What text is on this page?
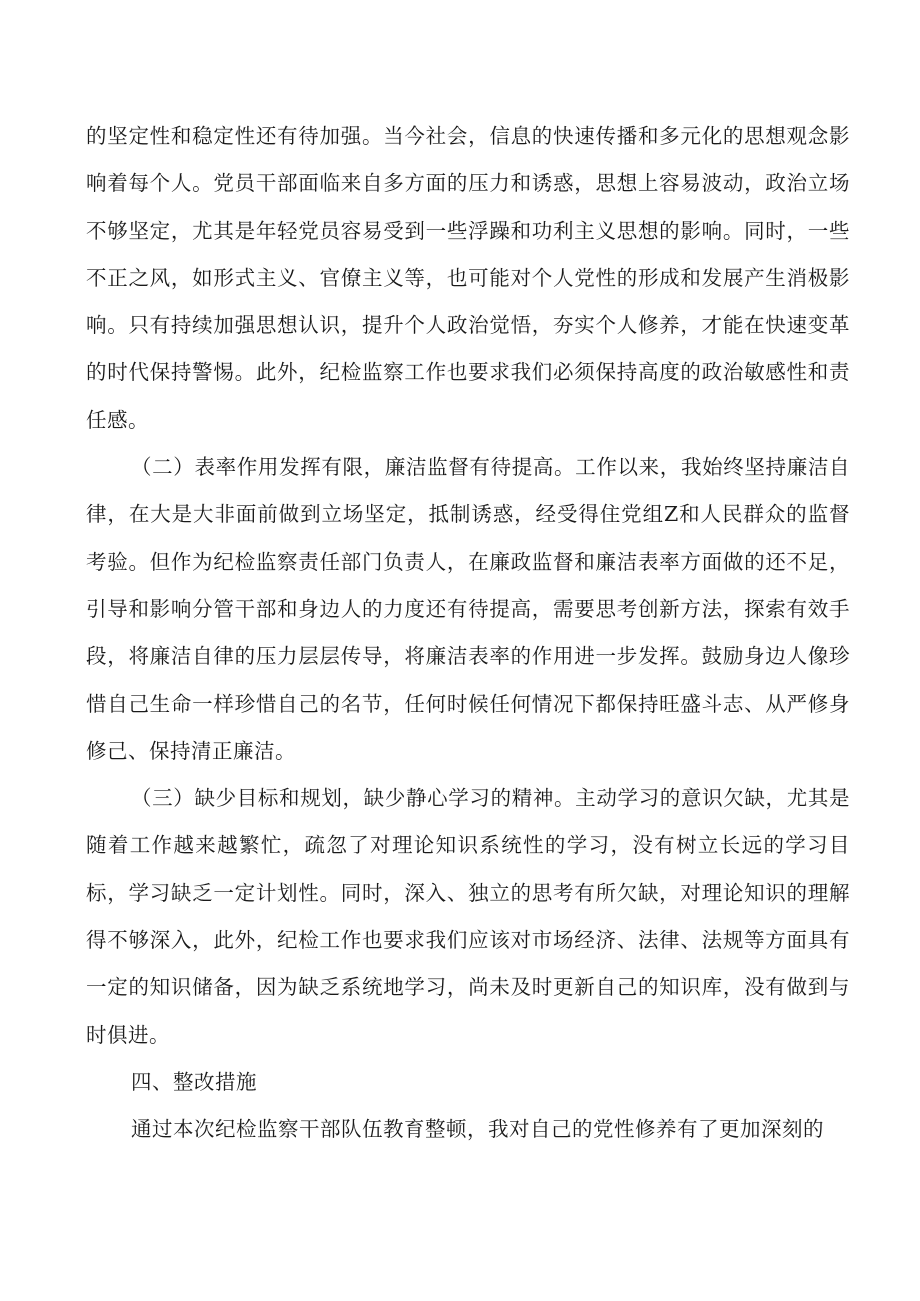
的坚定性和稳定性还有待加强。当今社会，信息的快速传播和多元化的思想观念影响着每个人。党员干部面临来自多方面的压力和诱惑，思想上容易波动，政治立场不够坚定，尤其是年轻党员容易受到一些浮躁和功利主义思想的影响。同时，一些不正之风，如形式主义、官僚主义等，也可能对个人党性的形成和发展产生消极影响。只有持续加强思想认识，提升个人政治觉悟，夯实个人修养，才能在快速变革的时代保持警惕。此外，纪检监察工作也要求我们必须保持高度的政治敏感性和责任感。

（二）表率作用发挥有限，廉洁监督有待提高。工作以来，我始终坚持廉洁自律，在大是大非面前做到立场坚定，抵制诱惑，经受得住党组Z和人民群众的监督考验。但作为纪检监察责任部门负责人，在廉政监督和廉洁表率方面做的还不足，引导和影响分管干部和身边人的力度还有待提高，需要思考创新方法，探索有效手段，将廉洁自律的压力层层传导，将廉洁表率的作用进一步发挥。鼓励身边人像珍惜自己生命一样珍惜自己的名节，任何时候任何情况下都保持旺盛斗志、从严修身修己、保持清正廉洁。

（三）缺少目标和规划，缺少静心学习的精神。主动学习的意识欠缺，尤其是随着工作越来越繁忙，疏忽了对理论知识系统性的学习，没有树立长远的学习目标，学习缺乏一定计划性。同时，深入、独立的思考有所欠缺，对理论知识的理解得不够深入，此外，纪检工作也要求我们应该对市场经济、法律、法规等方面具有一定的知识储备，因为缺乏系统地学习，尚未及时更新自己的知识库，没有做到与时俱进。

四、整改措施

通过本次纪检监察干部队伍教育整顿，我对自己的党性修养有了更加深刻的
